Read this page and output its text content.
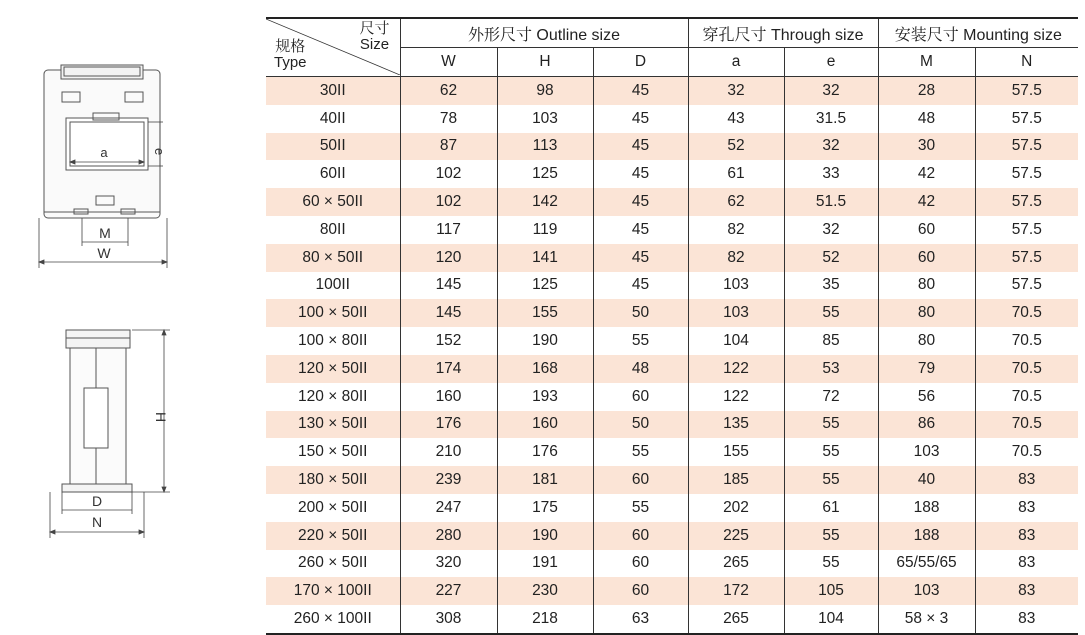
a	e
M
W
H
D
N
尺寸
Size
规格
Type	外形尺寸 Outline size			穿孔尺寸 Through size		安装尺寸 Mounting size	
	W	H	D	a	e	M	N
30II	62	98	45	32	32	28	57.5
40II	78	103	45	43	31.5	48	57.5
50II	87	113	45	52	32	30	57.5
60II	102	125	45	61	33	42	57.5
60 × 50II	102	142	45	62	51.5	42	57.5
80II	117	119	45	82	32	60	57.5
80 × 50II	120	141	45	82	52	60	57.5
100II	145	125	45	103	35	80	57.5
100 × 50II	145	155	50	103	55	80	70.5
100 × 80II	152	190	55	104	85	80	70.5
120 × 50II	174	168	48	122	53	79	70.5
120 × 80II	160	193	60	122	72	56	70.5
130 × 50II	176	160	50	135	55	86	70.5
150 × 50II	210	176	55	155	55	103	70.5
180 × 50II	239	181	60	185	55	40	83
200 × 50II	247	175	55	202	61	188	83
220 × 50II	280	190	60	225	55	188	83
260 × 50II	320	191	60	265	55	65/55/65	83
170 × 100II	227	230	60	172	105	103	83
260 × 100II	308	218	63	265	104	58 × 3	83
